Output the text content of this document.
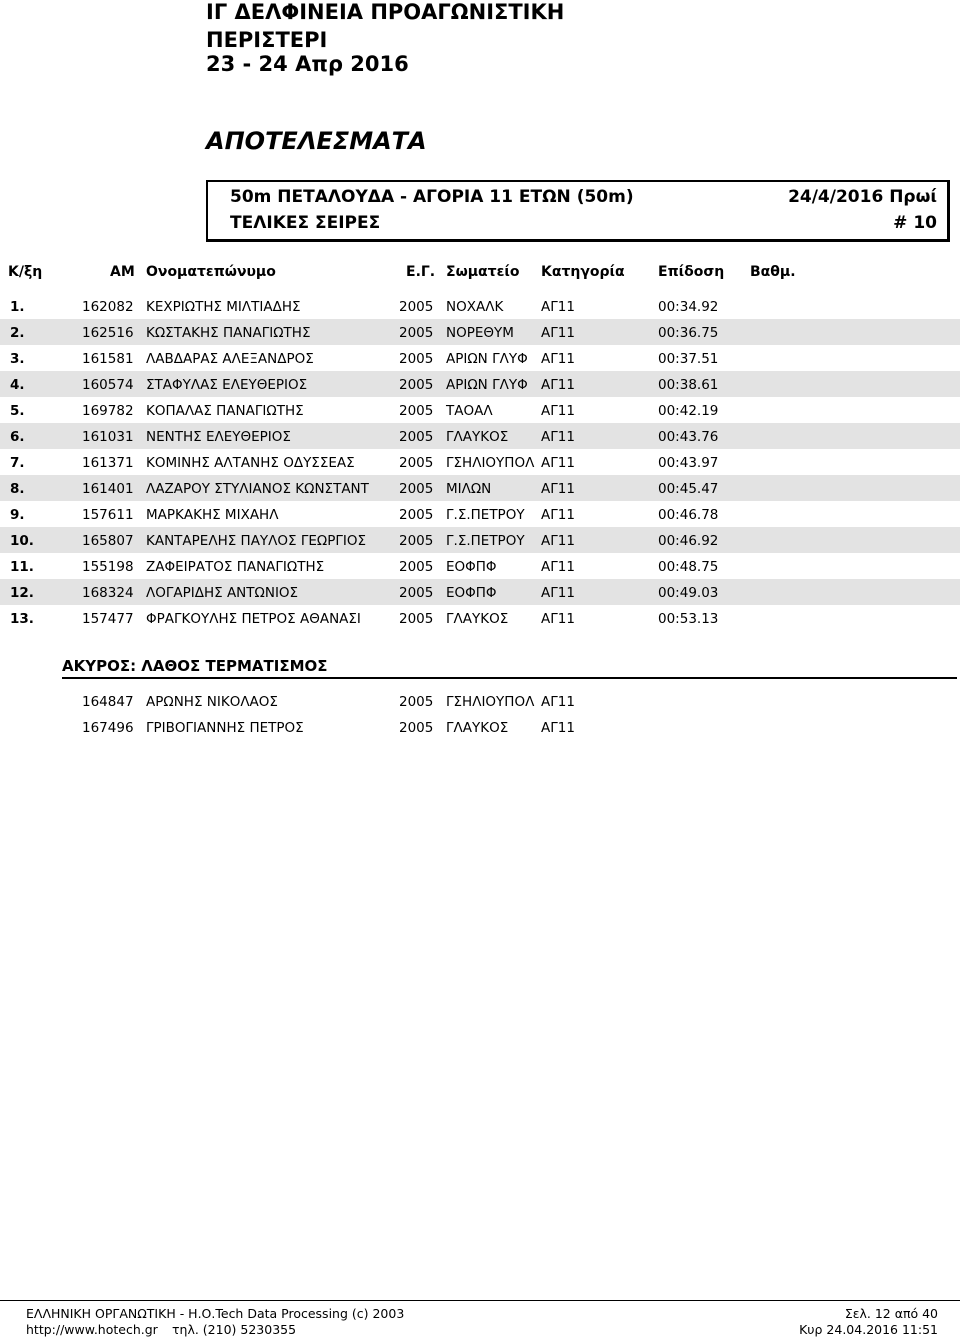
ΙΓ ΔΕΛΦΙΝΕΙΑ ΠΡΟΑΓΩΝΙΣΤΙΚΗ
ΠΕΡΙΣΤΕΡΙ
23 - 24 Απρ 2016
ΑΠΟΤΕΛΕΣΜΑΤΑ
50m ΠΕΤΑΛΟΥΔΑ - ΑΓΟΡΙΑ 11 ΕΤΩΝ (50m)	24/4/2016 Πρωί
ΤΕΛΙΚΕΣ ΣΕΙΡΕΣ	# 10
Κ/ξη	ΑΜ Ονοματεπώνυμο	Ε.Γ. Σωματείο Κατηγορία Επίδοση Βαθμ.
1.	162082 ΚΕΧΡΙΩΤΗΣ ΜΙΛΤΙΑΔΗΣ	2005 ΝΟΧΑΛΚ	ΑΓ11	00:34.92
2.	162516 ΚΩΣΤΑΚΗΣ ΠΑΝΑΓΙΩΤΗΣ	2005 ΝΟΡΕΘΥΜ ΑΓ11	00:36.75
3.	161581 ΛΑΒΔΑΡΑΣ ΑΛΕΞΑΝΔΡΟΣ	2005 ΑΡΙΩΝ ΓΛΥΦ ΑΓ11	00:37.51
4.	160574 ΣΤΑΦΥΛΑΣ ΕΛΕΥΘΕΡΙΟΣ	2005 ΑΡΙΩΝ ΓΛΥΦ ΑΓ11	00:38.61
5.	169782 ΚΟΠΑΛΑΣ ΠΑΝΑΓΙΩΤΗΣ	2005 ΤΑΟΑΛ	ΑΓ11	00:42.19
6.	161031 ΝΕΝΤΗΣ ΕΛΕΥΘΕΡΙΟΣ	2005 ΓΛΑΥΚΟΣ ΑΓ11	00:43.76
7.	161371 ΚΟΜΙΝΗΣ ΑΛΤΑΝΗΣ ΟΔΥΣΣΕΑΣ	2005 ΓΣΗΛΙΟΥΠΟΛ ΑΓ11	00:43.97
8.	161401 ΛΑΖΑΡΟΥ ΣΤΥΛΙΑΝΟΣ ΚΩΝΣΤΑΝΤ 2005 ΜΙΛΩΝ	ΑΓ11	00:45.47
9.	157611 ΜΑΡΚΑΚΗΣ ΜΙΧΑΗΛ	2005 Γ.Σ.ΠΕΤΡΟΥ ΑΓ11	00:46.78
10.	165807 ΚΑΝΤΑΡΕΛΗΣ ΠΑΥΛΟΣ ΓΕΩΡΓΙΟΣ 2005 Γ.Σ.ΠΕΤΡΟΥ ΑΓ11	00:46.92
11.	155198 ΖΑΦΕΙΡΑΤΟΣ ΠΑΝΑΓΙΩΤΗΣ	2005 ΕΟΦΠΦ	ΑΓ11	00:48.75
12.	168324 ΛΟΓΑΡΙΔΗΣ ΑΝΤΩΝΙΟΣ	2005 ΕΟΦΠΦ	ΑΓ11	00:49.03
13.	157477 ΦΡΑΓΚΟΥΛΗΣ ΠΕΤΡΟΣ ΑΘΑΝΑΣΙ	2005 ΓΛΑΥΚΟΣ ΑΓ11	00:53.13
ΑΚΥΡΟΣ: ΛΑΘΟΣ ΤΕΡΜΑΤΙΣΜΟΣ
164847 ΑΡΩΝΗΣ ΝΙΚΟΛΑΟΣ	2005 ΓΣΗΛΙΟΥΠΟΛ ΑΓ11
167496 ΓΡΙΒΟΓΙΑΝΝΗΣ ΠΕΤΡΟΣ	2005 ΓΛΑΥΚΟΣ ΑΓ11
ΕΛΛΗΝΙΚΗ ΟΡΓΑΝΩΤΙΚΗ - Η.Ο.Tech Data Processing (c) 2003
http://www.hotech.gr τηλ. (210) 5230355
Σελ. 12 από 40
Κυρ 24.04.2016 11:51
